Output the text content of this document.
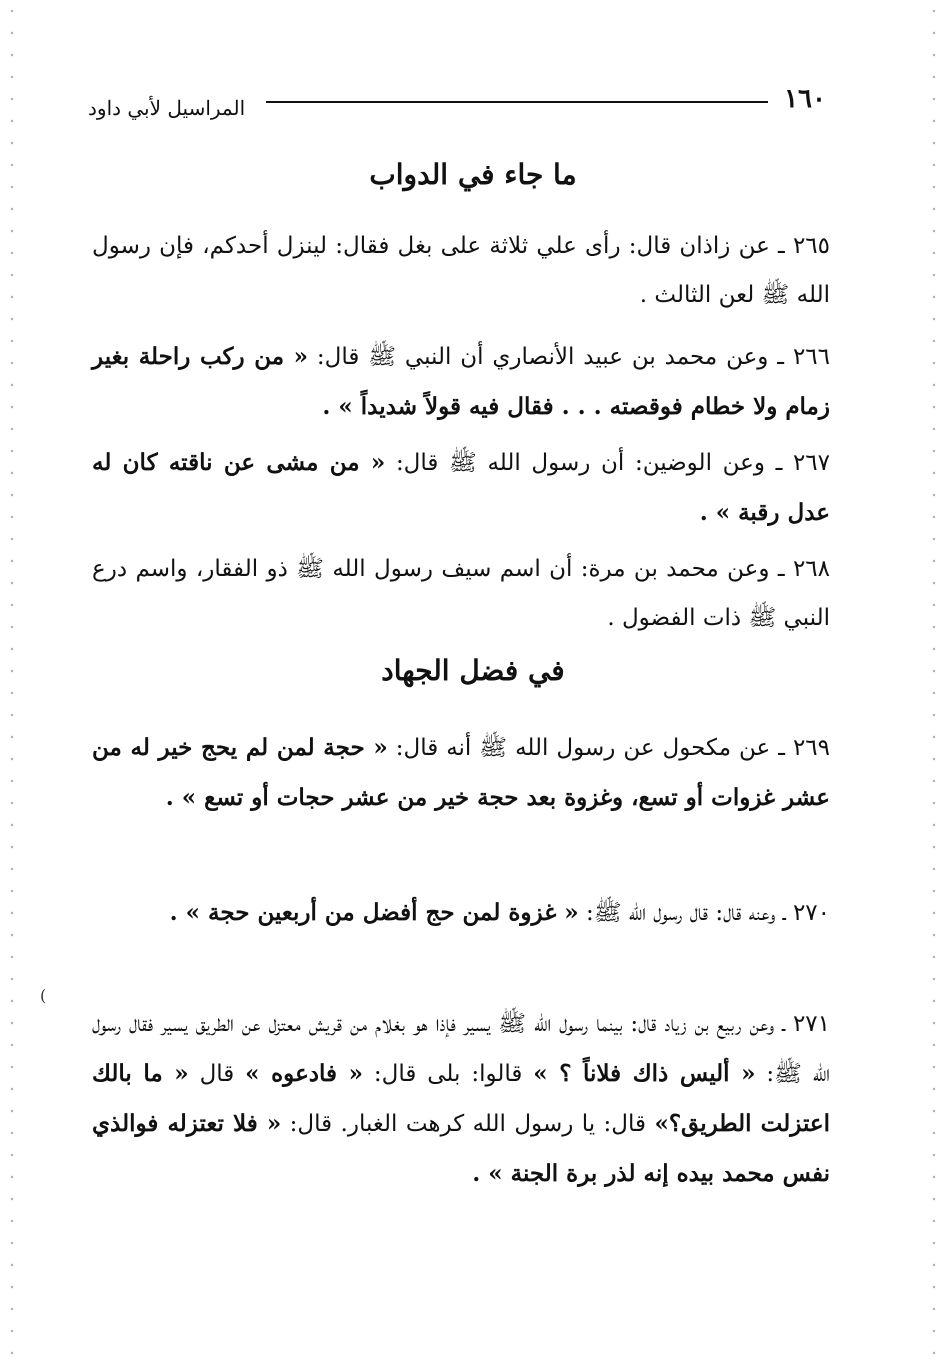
١٦٠
المراسيل لأبي داود
ما جاء في الدواب
٢٦٥ ـ عن زاذان قال: رأى علي ثلاثة على بغل فقال: لينزل أحدكم، فإن رسول الله ﷺ لعن الثالث .
٢٦٦ ـ وعن محمد بن عبيد الأنصاري أن النبي ﷺ قال: « من ركب راحلة بغير زمام ولا خطام فوقصته . . . فقال فيه قولاً شديداً » .
٢٦٧ ـ وعن الوضين: أن رسول الله ﷺ قال: « من مشى عن ناقته كان له عدل رقبة » .
٢٦٨ ـ وعن محمد بن مرة: أن اسم سيف رسول الله ﷺ ذو الفقار، واسم درع النبي ﷺ ذات الفضول .
في فضل الجهاد
٢٦٩ ـ عن مكحول عن رسول الله ﷺ أنه قال: « حجة لمن لم يحج خير له من عشر غزوات أو تسع، وغزوة بعد حجة خير من عشر حجات أو تسع » .
٢٧٠ ـ وعنه قال: قال رسول الله ﷺ: « غزوة لمن حج أفضل من أربعين حجة » .
٢٧١ ـ وعن ربيع بن زياد قال: بينما رسول الله ﷺ يسير فإذا هو بغلام من قريش معتزل عن الطريق يسير فقال رسول الله ﷺ: « أليس ذاك فلاناً ؟ » قالوا: بلى قال: « فادعوه » قال « ما بالك اعتزلت الطريق؟» قال: يا رسول الله كرهت الغبار. قال: « فلا تعتزله فوالذي نفس محمد بيده إنه لذر برة الجنة » .
)
